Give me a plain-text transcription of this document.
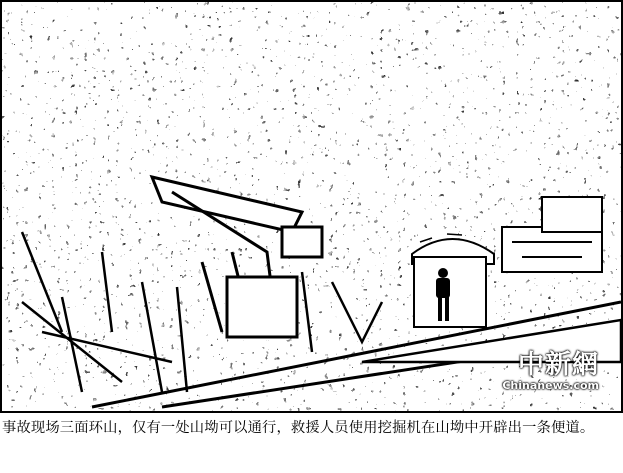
中新網
Chinanews.com
事故现场三面环山，仅有一处山坳可以通行，救援人员使用挖掘机在山坳中开辟出一条便道。
